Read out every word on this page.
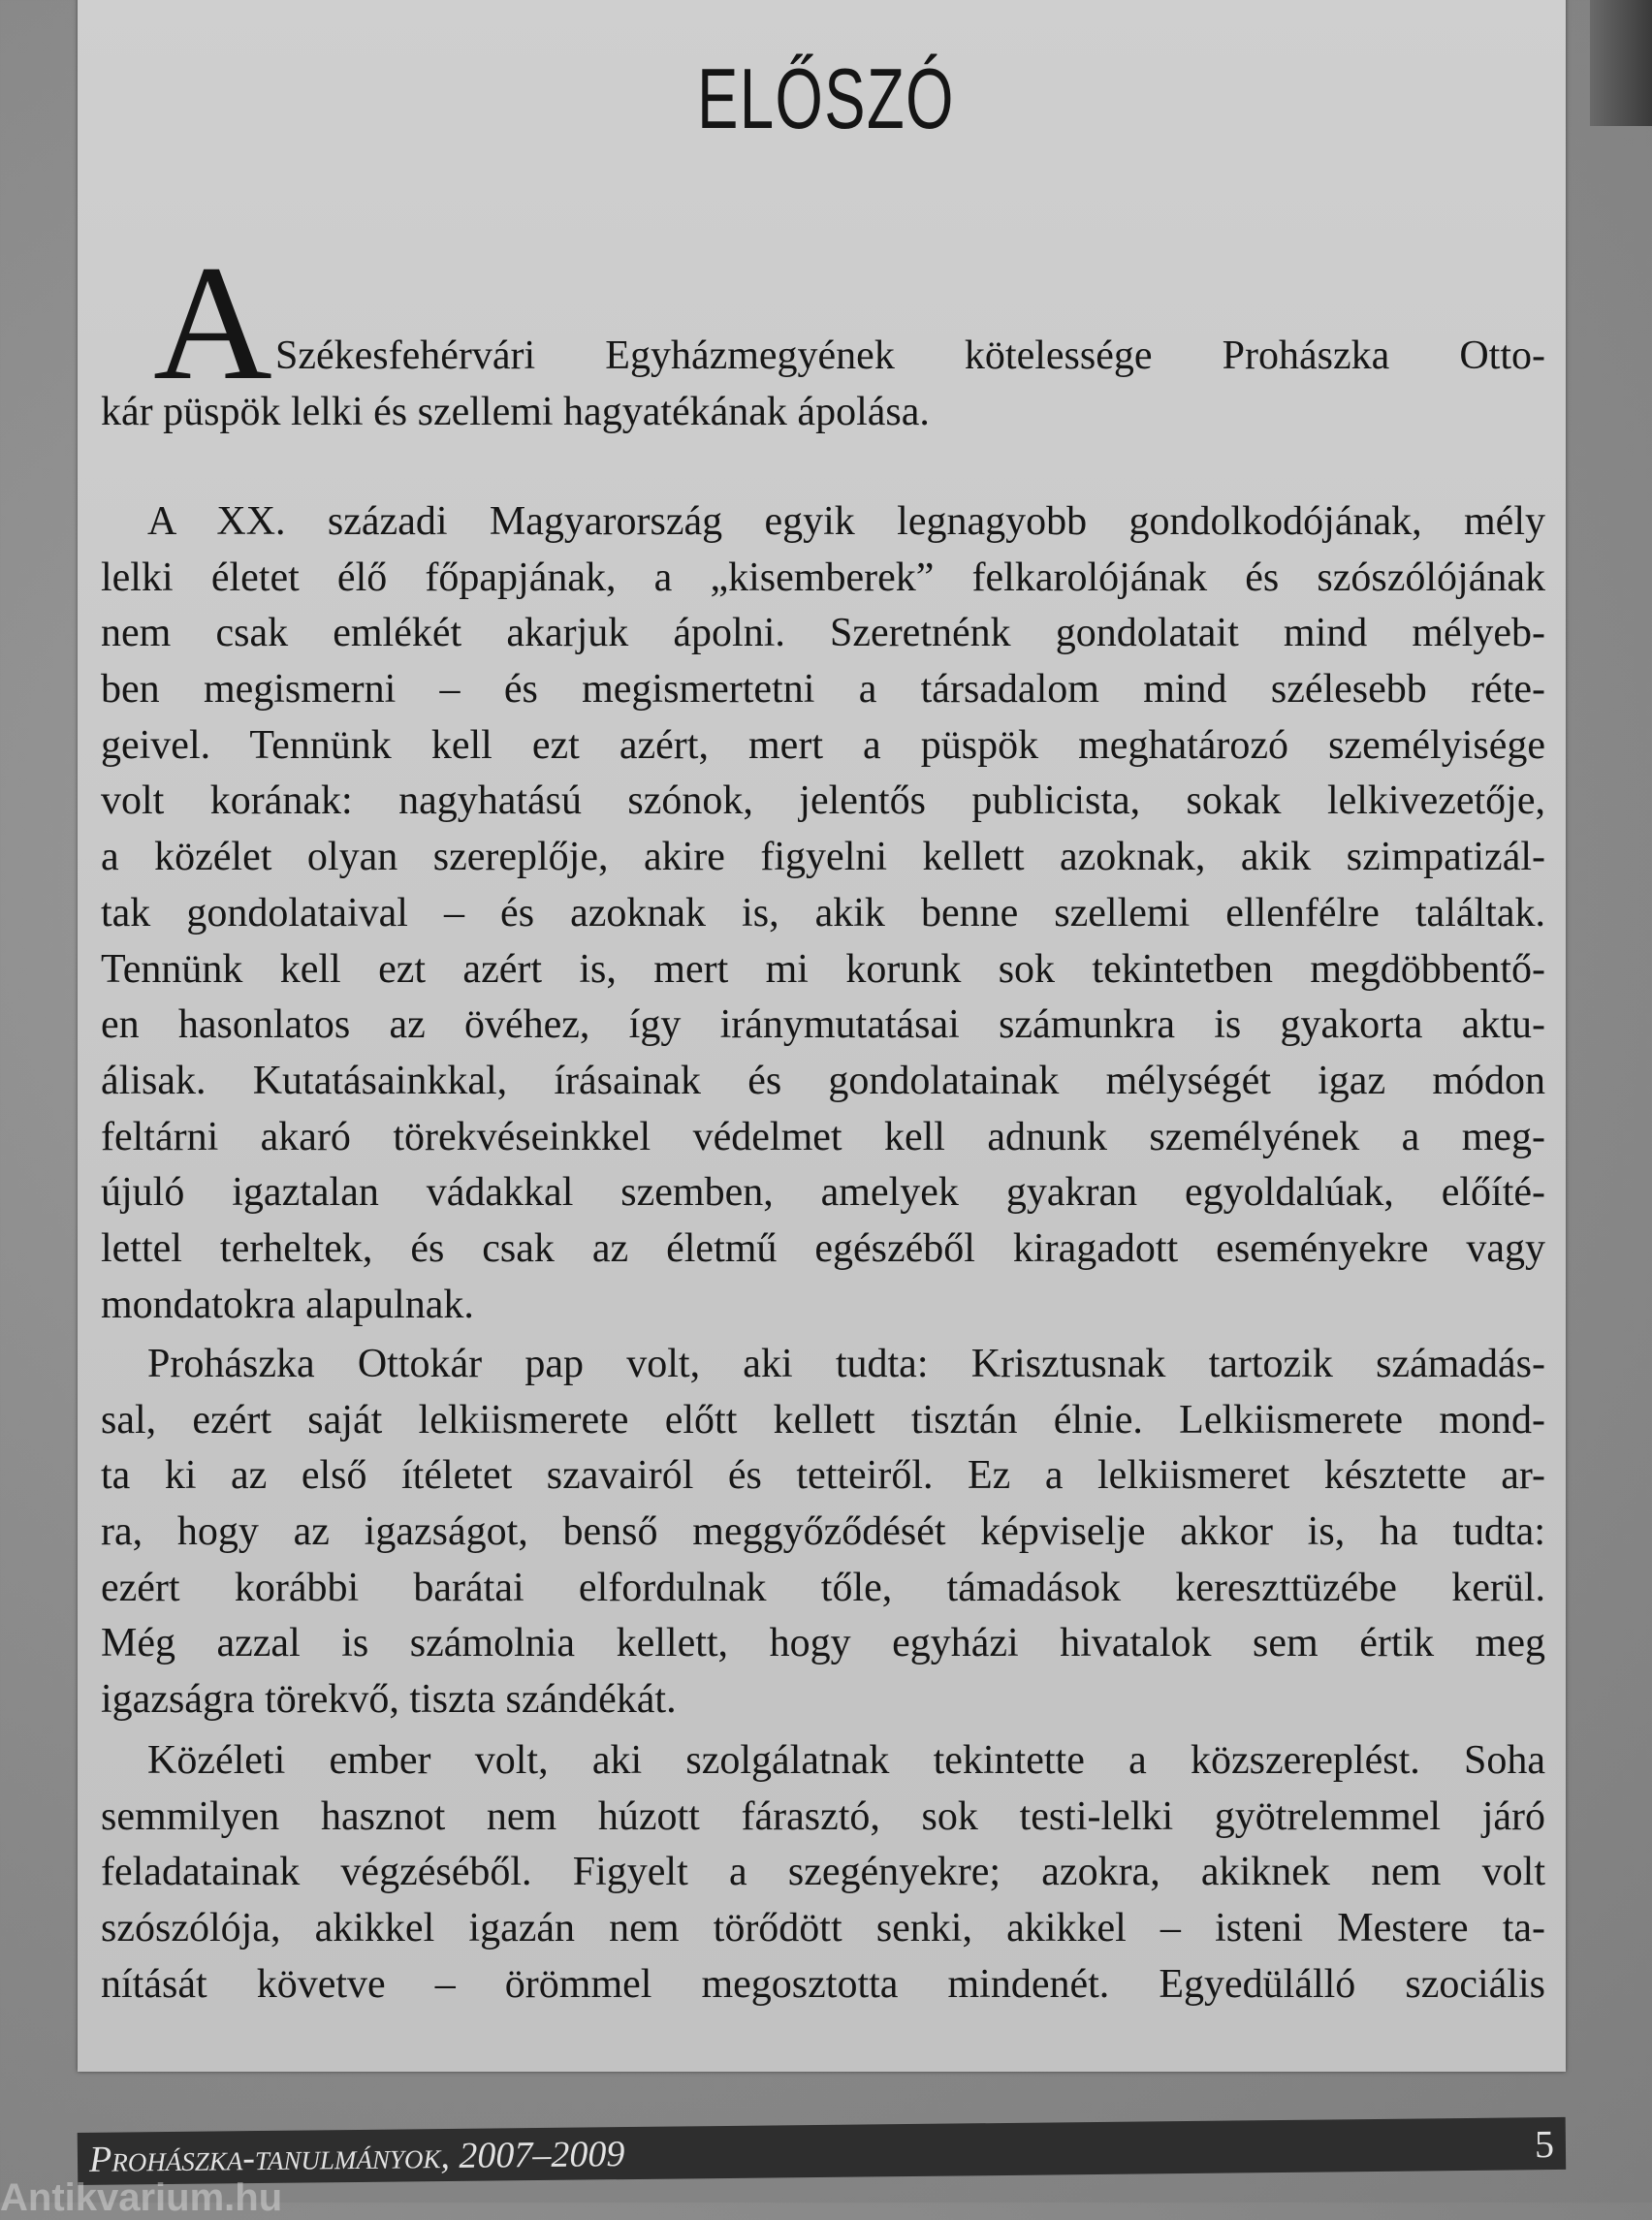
ELŐSZÓ
A Székesfehérvári Egyházmegyének kötelessége Prohászka Otto-
kár püspök lelki és szellemi hagyatékának ápolása.
A XX. századi Magyarország egyik legnagyobb gondolkodójának, mély
lelki életet élő főpapjának, a „kisemberek” felkarolójának és szószólójának
nem csak emlékét akarjuk ápolni. Szeretnénk gondolatait mind mélyeb-
ben megismerni – és megismertetni a társadalom mind szélesebb réte-
geivel. Tennünk kell ezt azért, mert a püspök meghatározó személyisége
volt korának: nagyhatású szónok, jelentős publicista, sokak lelkivezetője,
a közélet olyan szereplője, akire figyelni kellett azoknak, akik szimpatizál-
tak gondolataival – és azoknak is, akik benne szellemi ellenfélre találtak.
Tennünk kell ezt azért is, mert mi korunk sok tekintetben megdöbbentő-
en hasonlatos az övéhez, így iránymutatásai számunkra is gyakorta aktu-
álisak. Kutatásainkkal, írásainak és gondolatainak mélységét igaz módon
feltárni akaró törekvéseinkkel védelmet kell adnunk személyének a meg-
újuló igaztalan vádakkal szemben, amelyek gyakran egyoldalúak, előíté-
lettel terheltek, és csak az életmű egészéből kiragadott eseményekre vagy
mondatokra alapulnak.
Prohászka Ottokár pap volt, aki tudta: Krisztusnak tartozik számadás-
sal, ezért saját lelkiismerete előtt kellett tisztán élnie. Lelkiismerete mond-
ta ki az első ítéletet szavairól és tetteiről. Ez a lelkiismeret késztette ar-
ra, hogy az igazságot, benső meggyőződését képviselje akkor is, ha tudta:
ezért korábbi barátai elfordulnak tőle, támadások kereszttüzébe kerül.
Még azzal is számolnia kellett, hogy egyházi hivatalok sem értik meg
igazságra törekvő, tiszta szándékát.
Közéleti ember volt, aki szolgálatnak tekintette a közszereplést. Soha
semmilyen hasznot nem húzott fárasztó, sok testi-lelki gyötrelemmel járó
feladatainak végzéséből. Figyelt a szegényekre; azokra, akiknek nem volt
szószólója, akikkel igazán nem törődött senki, akikkel – isteni Mestere ta-
nítását követve – örömmel megosztotta mindenét. Egyedülálló szociális
Prohászka-tanulmányok, 2007–2009	5
Antikvarium.hu
